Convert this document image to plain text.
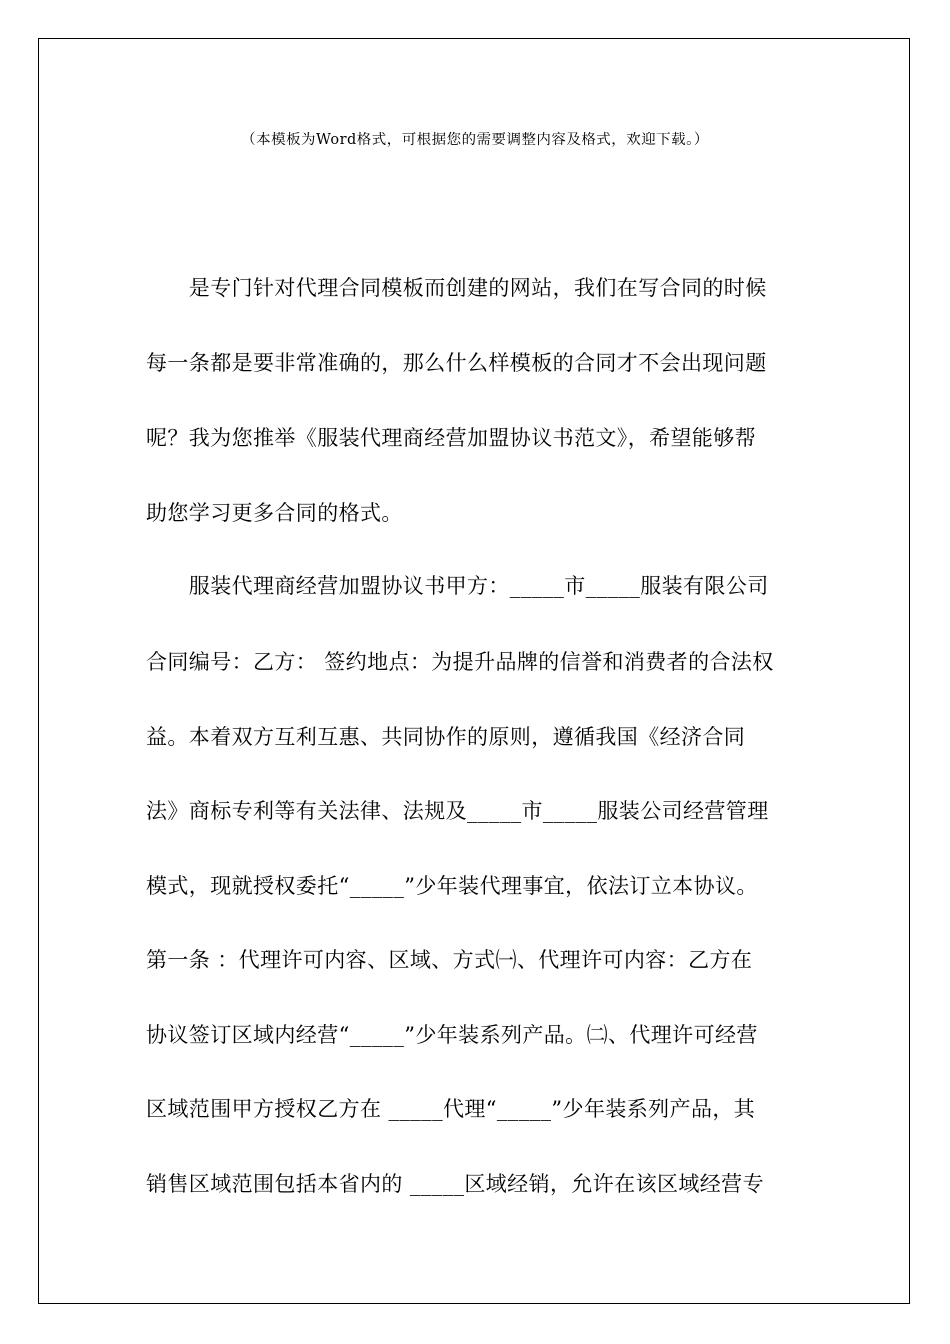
（本模板为Word格式，可根据您的需要调整内容及格式，欢迎下载。）
　　是专门针对代理合同模板而创建的网站，我们在写合同的时候
每一条都是要非常准确的，那么什么样模板的合同才不会出现问题
呢？我为您推举《服装代理商经营加盟协议书范文》，希望能够帮
助您学习更多合同的格式。
　　服装代理商经营加盟协议书甲方：_____市_____服装有限公司
合同编号：乙方： 签约地点：为提升品牌的信誉和消费者的合法权
益。本着双方互利互惠、共同协作的原则，遵循我国《经济合同
法》商标专利等有关法律、法规及_____市_____服装公司经营管理
模式，现就授权委托“_____”少年装代理事宜，依法订立本协议。
第一条 ：代理许可内容、区域、方式㈠、代理许可内容：乙方在
协议签订区域内经营“_____”少年装系列产品。㈡、代理许可经营
区域范围甲方授权乙方在 _____代理“_____”少年装系列产品，其
销售区域范围包括本省内的 _____区域经销，允许在该区域经营专
